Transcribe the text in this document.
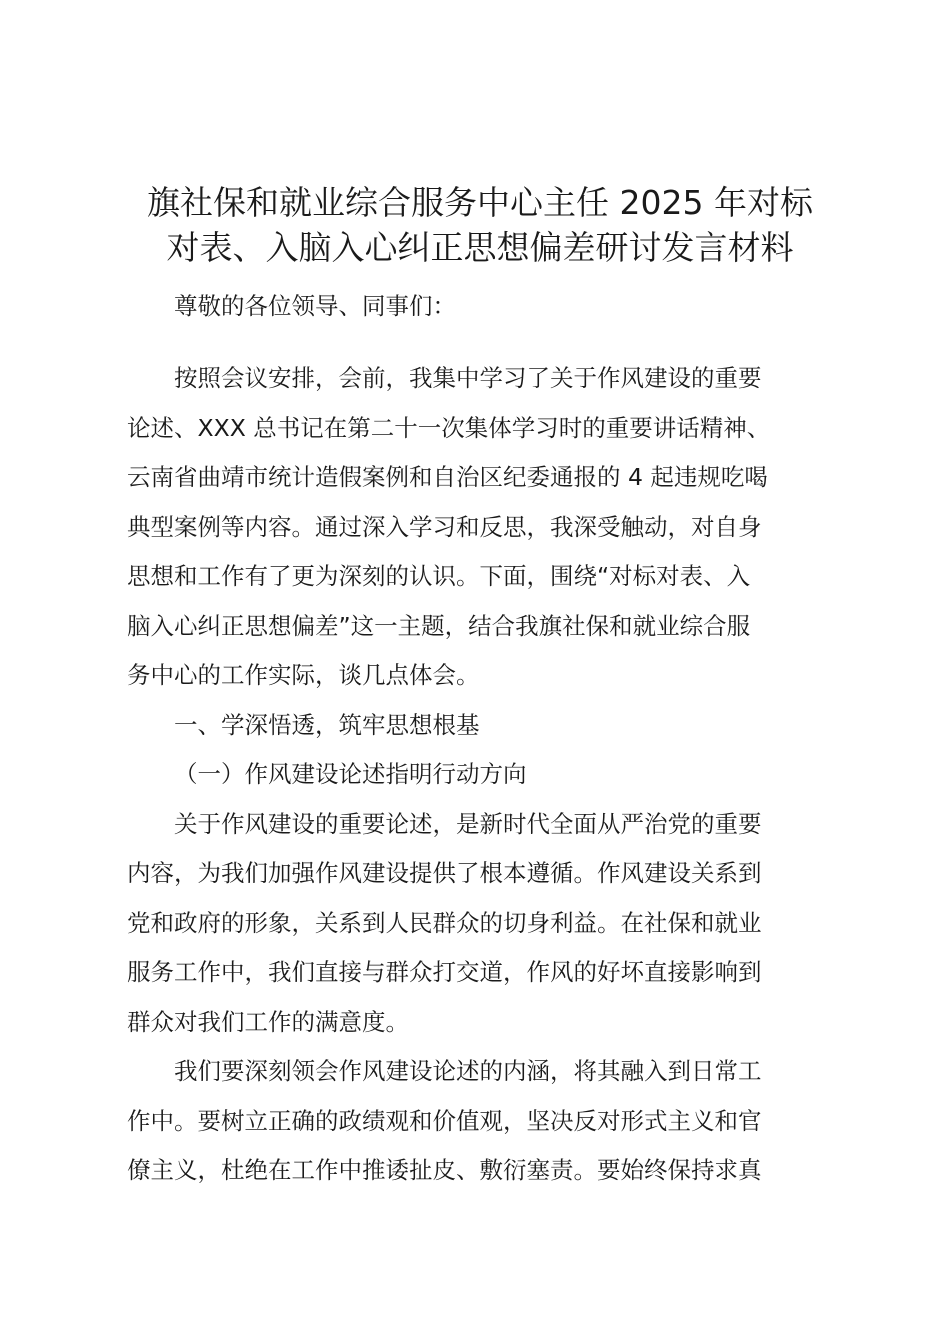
旗社保和就业综合服务中心主任 2025 年对标
对表、入脑入心纠正思想偏差研讨发言材料

尊敬的各位领导、同事们：

按照会议安排，会前，我集中学习了关于作风建设的重要
论述、XXX 总书记在第二十一次集体学习时的重要讲话精神、
云南省曲靖市统计造假案例和自治区纪委通报的 4 起违规吃喝
典型案例等内容。通过深入学习和反思，我深受触动，对自身
思想和工作有了更为深刻的认识。下面，围绕“对标对表、入
脑入心纠正思想偏差”这一主题，结合我旗社保和就业综合服
务中心的工作实际，谈几点体会。

一、学深悟透，筑牢思想根基

（一）作风建设论述指明行动方向

关于作风建设的重要论述，是新时代全面从严治党的重要
内容，为我们加强作风建设提供了根本遵循。作风建设关系到
党和政府的形象，关系到人民群众的切身利益。在社保和就业
服务工作中，我们直接与群众打交道，作风的好坏直接影响到
群众对我们工作的满意度。
我们要深刻领会作风建设论述的内涵，将其融入到日常工
作中。要树立正确的政绩观和价值观，坚决反对形式主义和官
僚主义，杜绝在工作中推诿扯皮、敷衍塞责。要始终保持求真
